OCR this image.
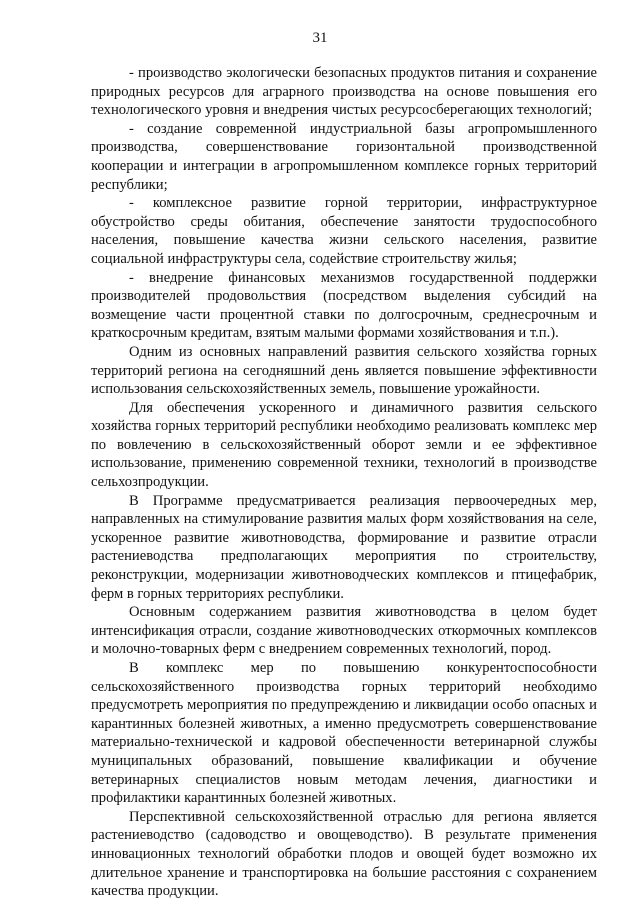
31

- производство экологически безопасных продуктов питания и сохранение природных ресурсов для аграрного производства на основе повышения его технологического уровня и внедрения чистых ресурсосберегающих технологий;

- создание современной индустриальной базы агропромышленного производства, совершенствование горизонтальной производственной кооперации и интеграции в агропромышленном комплексе горных территорий республики;

- комплексное развитие горной территории, инфраструктурное обустройство среды обитания, обеспечение занятости трудоспособного населения, повышение качества жизни сельского населения, развитие социальной инфраструктуры села, содействие строительству жилья;

- внедрение финансовых механизмов государственной поддержки производителей продовольствия (посредством выделения субсидий на возмещение части процентной ставки по долгосрочным, среднесрочным и краткосрочным кредитам, взятым малыми формами хозяйствования и т.п.).

Одним из основных направлений развития сельского хозяйства горных территорий региона на сегодняшний день является повышение эффективности использования сельскохозяйственных земель, повышение урожайности.

Для обеспечения ускоренного и динамичного развития сельского хозяйства горных территорий республики необходимо реализовать комплекс мер по вовлечению в сельскохозяйственный оборот земли и ее эффективное использование, применению современной техники, технологий в производстве сельхозпродукции.

В Программе предусматривается реализация первоочередных мер, направленных на стимулирование развития малых форм хозяйствования на селе, ускоренное развитие животноводства, формирование и развитие отрасли растениеводства предполагающих мероприятия по строительству, реконструкции, модернизации животноводческих комплексов и птицефабрик, ферм в горных территориях республики.

Основным содержанием развития животноводства в целом будет интенсификация отрасли, создание животноводческих откормочных комплексов и молочно-товарных ферм с внедрением современных технологий, пород.

В комплекс мер по повышению конкурентоспособности сельскохозяйственного производства горных территорий необходимо предусмотреть мероприятия по предупреждению и ликвидации особо опасных и карантинных болезней животных, а именно предусмотреть совершенствование материально-технической и кадровой обеспеченности ветеринарной службы муниципальных образований, повышение квалификации и обучение ветеринарных специалистов новым методам лечения, диагностики и профилактики карантинных болезней животных.

Перспективной сельскохозяйственной отраслью для региона является растениеводство (садоводство и овощеводство). В результате применения инновационных технологий обработки плодов и овощей будет возможно их длительное хранение и транспортировка на большие расстояния с сохранением качества продукции.
